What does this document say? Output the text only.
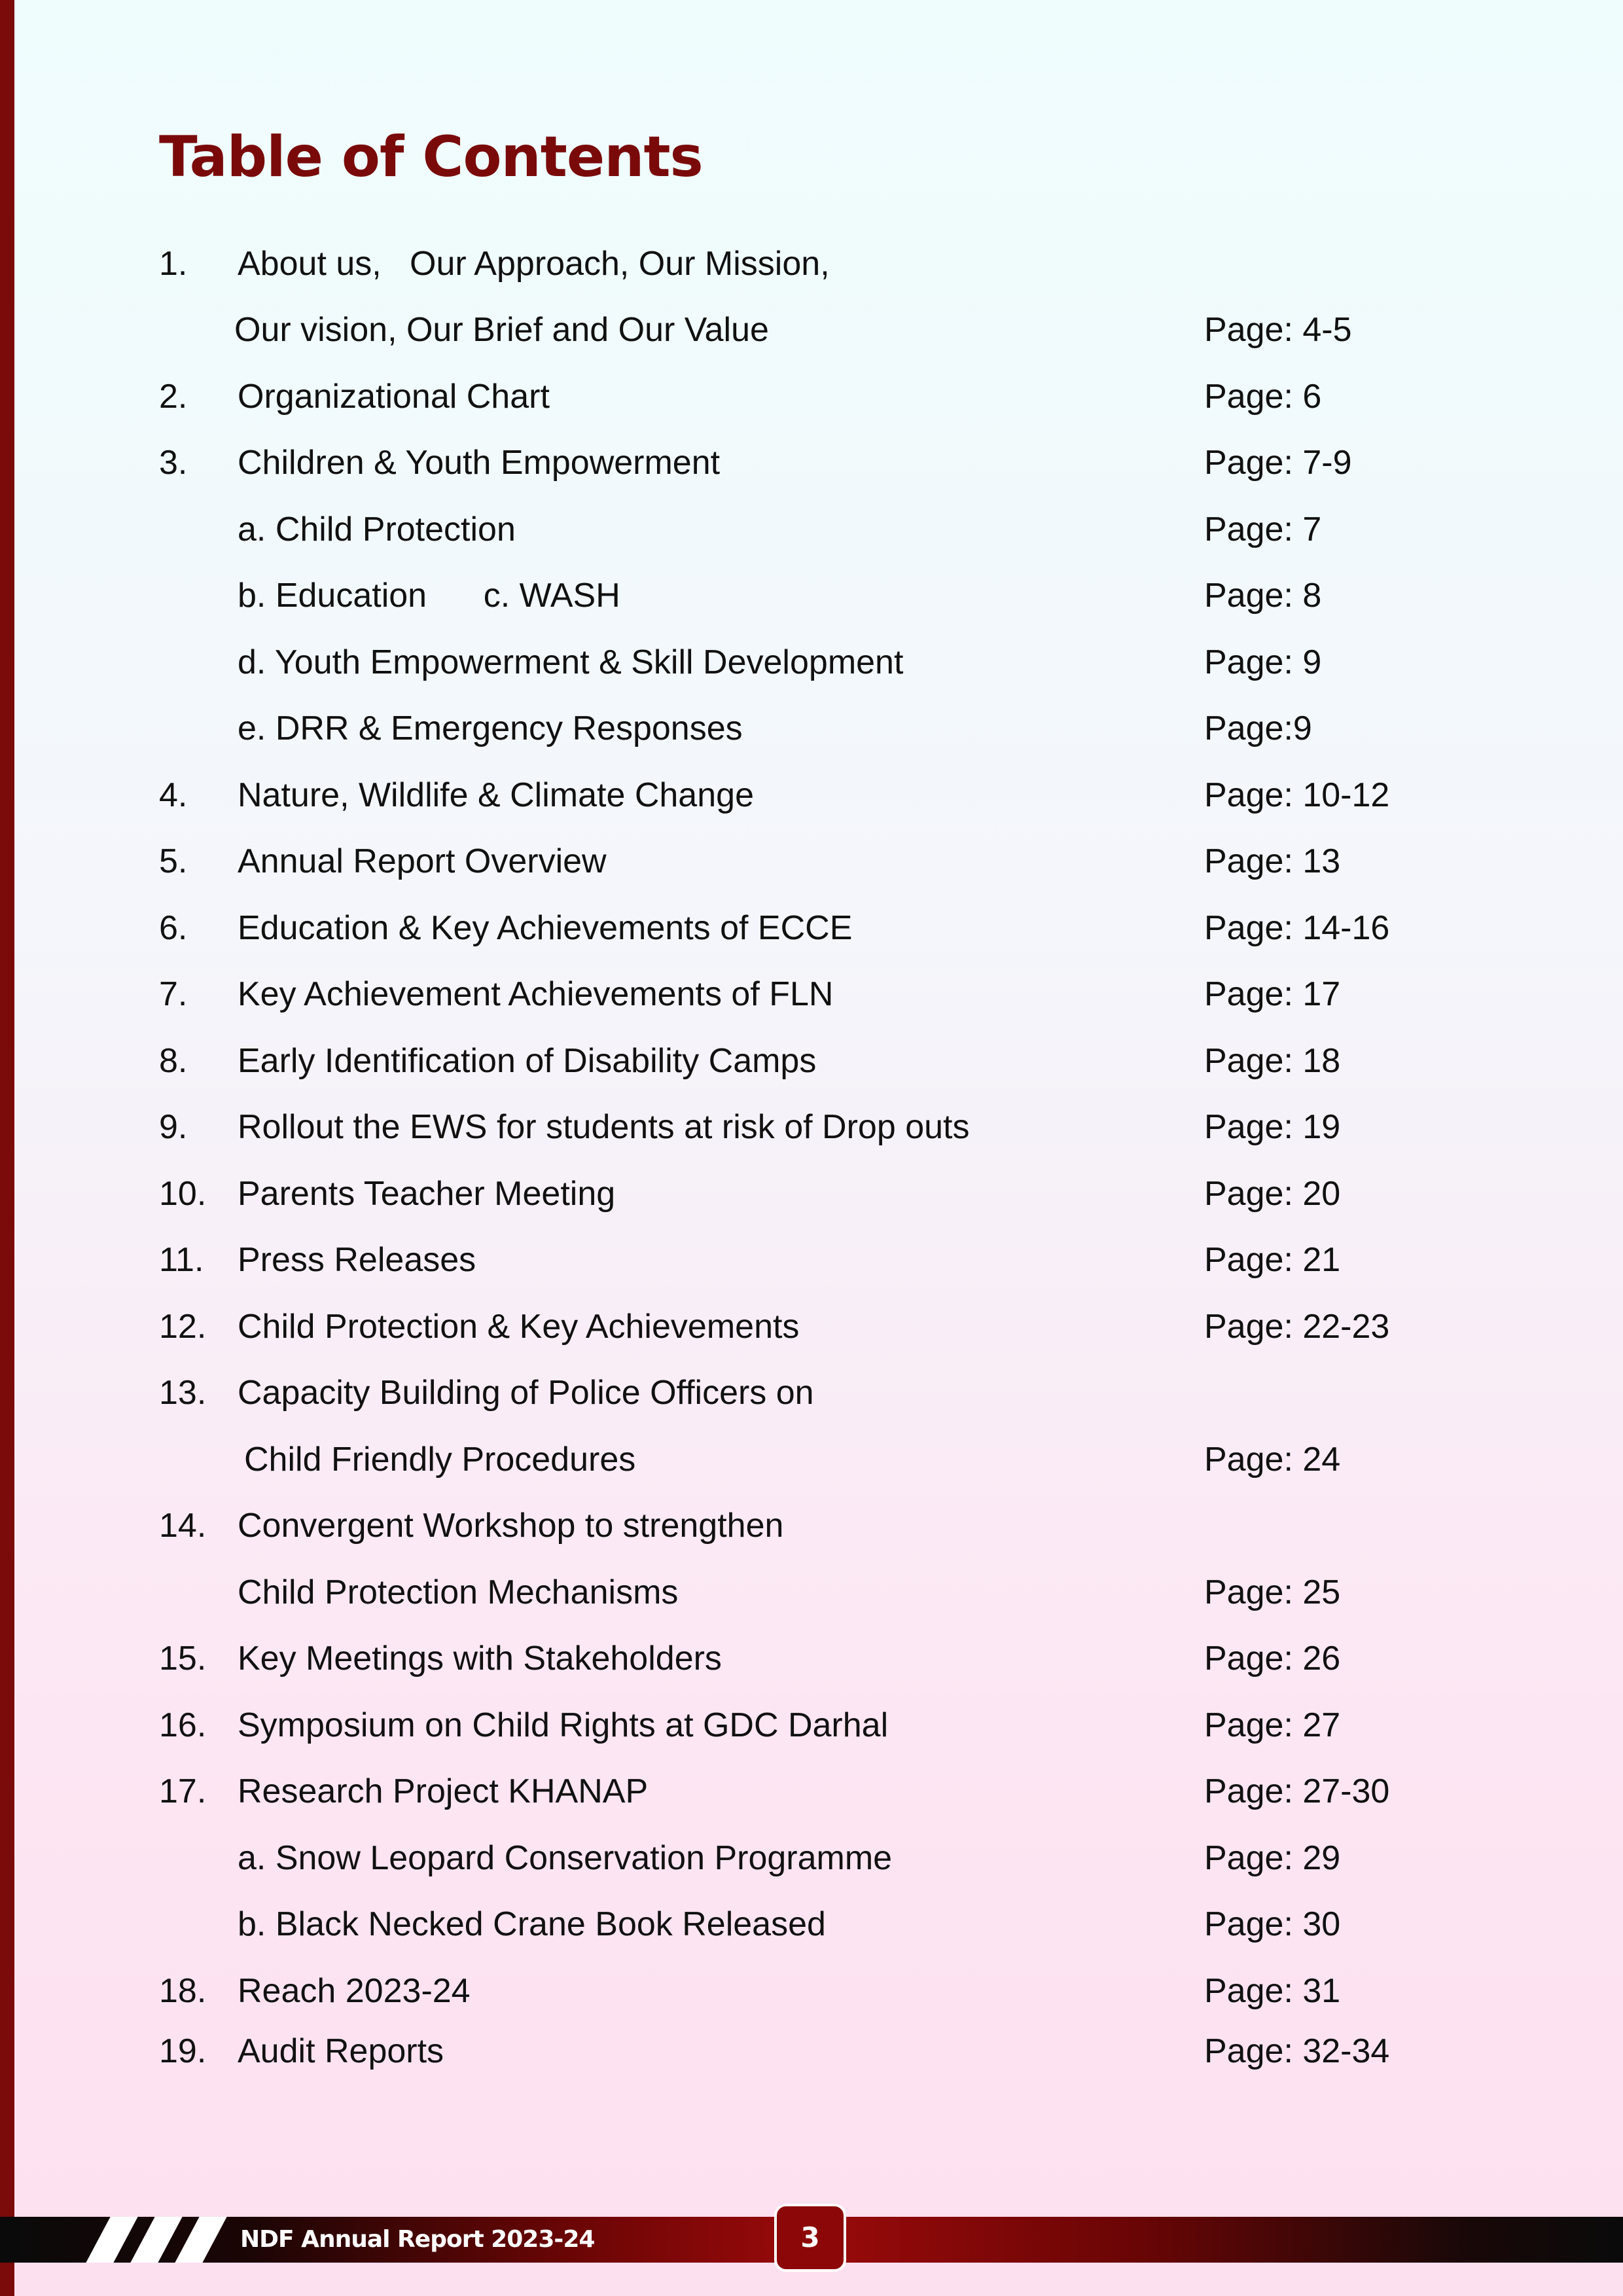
Table of Contents
1. About us,   Our Approach, Our Mission,
Our vision, Our Brief and Our Value	Page: 4-5
2. Organizational Chart	Page: 6
3. Children & Youth Empowerment	Page: 7-9
a. Child Protection	Page: 7
b. Education      c. WASH	Page: 8
d. Youth Empowerment & Skill Development	Page: 9
e. DRR & Emergency Responses	Page:9
4. Nature, Wildlife & Climate Change	Page: 10-12
5. Annual Report Overview	Page: 13
6. Education & Key Achievements of ECCE	Page: 14-16
7. Key Achievement Achievements of FLN	Page: 17
8. Early Identification of Disability Camps	Page: 18
9. Rollout the EWS for students at risk of Drop outs	Page: 19
10. Parents Teacher Meeting	Page: 20
11. Press Releases	Page: 21
12. Child Protection & Key Achievements	Page: 22-23
13. Capacity Building of Police Officers on
Child Friendly Procedures	Page: 24
14. Convergent Workshop to strengthen
Child Protection Mechanisms	Page: 25
15. Key Meetings with Stakeholders	Page: 26
16. Symposium on Child Rights at GDC Darhal	Page: 27
17. Research Project KHANAP	Page: 27-30
a. Snow Leopard Conservation Programme	Page: 29
b. Black Necked Crane Book Released	Page: 30
18. Reach 2023-24	Page: 31
19. Audit Reports	Page: 32-34
NDF Annual Report 2023-24	3
